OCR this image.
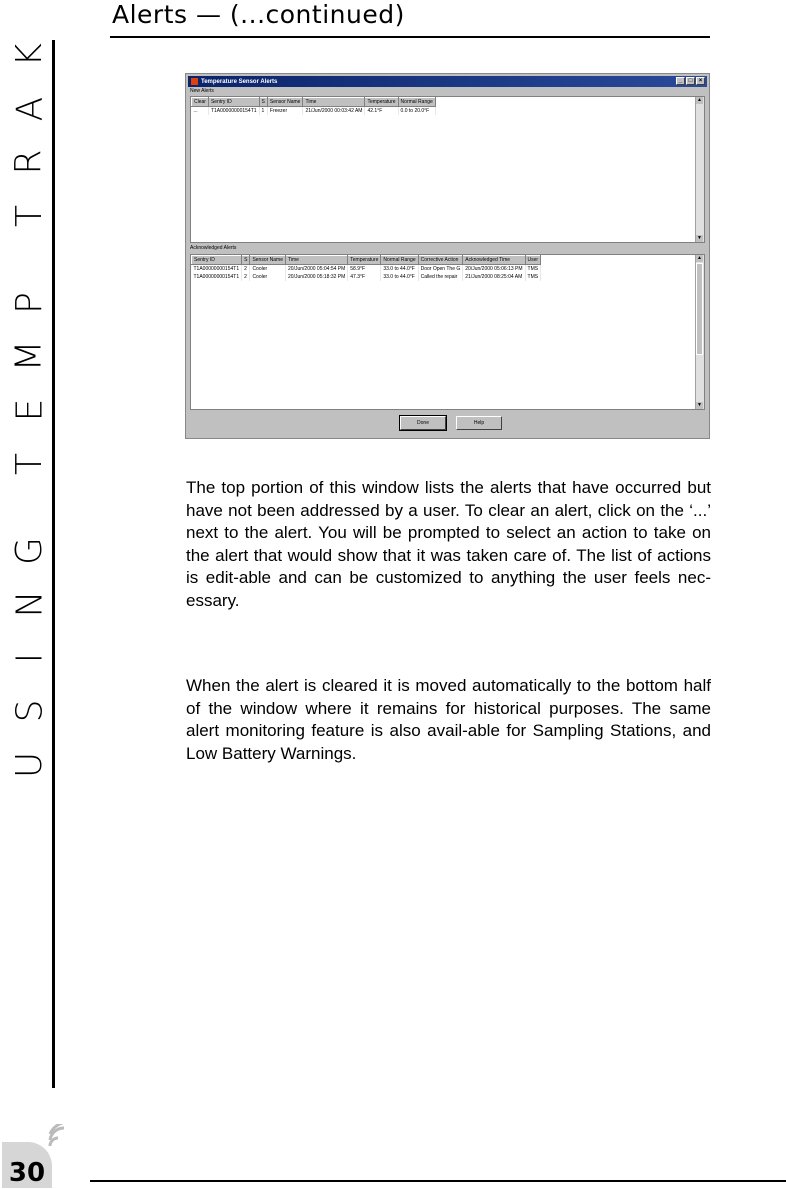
Alerts — (...continued)
K
A
R
T
P
M
E
T
G
N
I
S
U
30
Temperature Sensor Alerts	_	□	×
New Alerts
Clear	Sentry ID	S	Sensor Name	Time	Temperature	Normal Range
...	T1A00000000154T1	1	Freezer	21/Jun/2000 00:03:42 AM	42.1°F	0.0 to 20.0°F
▲
▼
Acknowledged Alerts
Sentry ID	S	Sensor Name	Time	Temperature	Normal Range	Corrective Action	Acknowledged Time	User
T1A00000000154T1	2	Cooler	20/Jun/2000 05:04:54 PM	58.9°F	33.0 to 44.0°F	Door Open The G	20/Jun/2000 05:06:13 PM	TMS
T1A00000000154T1	2	Cooler	20/Jun/2000 05:18:32 PM	47.3°F	33.0 to 44.0°F	Called the repair	21/Jun/2000 08:25:04 AM	TMS
▲
▼
Done	Help

The top portion of this window lists the alerts that have occurred but have not been addressed by a user. To clear an alert, click on the ‘...’ next to the alert. You will be prompted to select an action to take on the alert that would show that it was taken care of. The list of actions is edit-able and can be customized to anything the user feels nec-essary.

When the alert is cleared it is moved automatically to the bottom half of the window where it remains for historical purposes. The same alert monitoring feature is also avail-able for Sampling Stations, and Low Battery Warnings.
